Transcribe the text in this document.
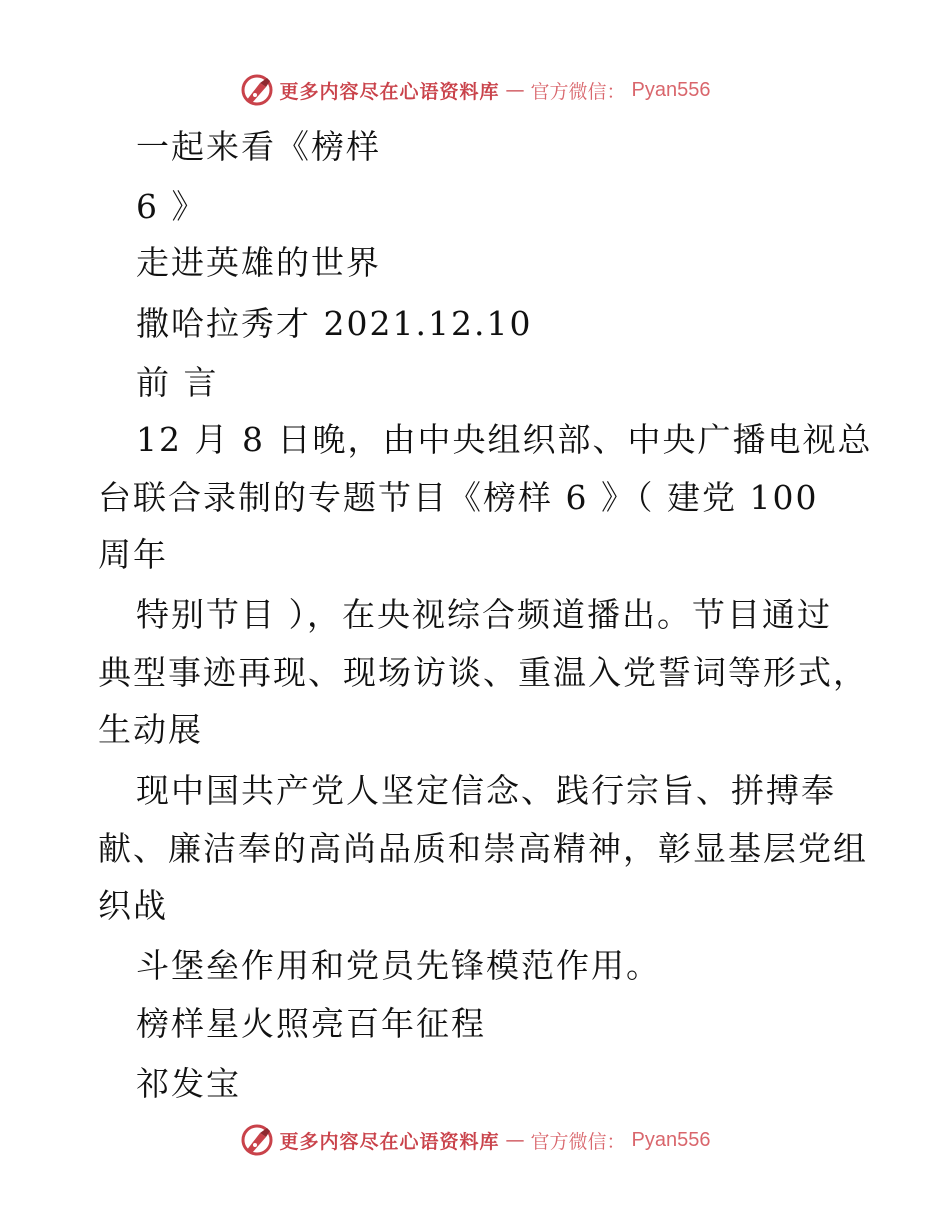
更多内容尽在心语资料库 — 官方微信： Pyan556
一起来看《榜样
6 》
走进英雄的世界
撒哈拉秀才 2021.12.10
前 言
12 月 8 日晚，由中央组织部、中央广播电视总
台联合录制的专题节目《榜样 6 》（ 建党 100
周年
特别节目 ），在央视综合频道播出。节目通过
典型事迹再现、现场访谈、重温入党誓词等形式，
生动展
现中国共产党人坚定信念、践行宗旨、拼搏奉
献、廉洁奉的高尚品质和崇高精神，彰显基层党组
织战
斗堡垒作用和党员先锋模范作用。
榜样星火照亮百年征程
祁发宝
更多内容尽在心语资料库 — 官方微信： Pyan556
